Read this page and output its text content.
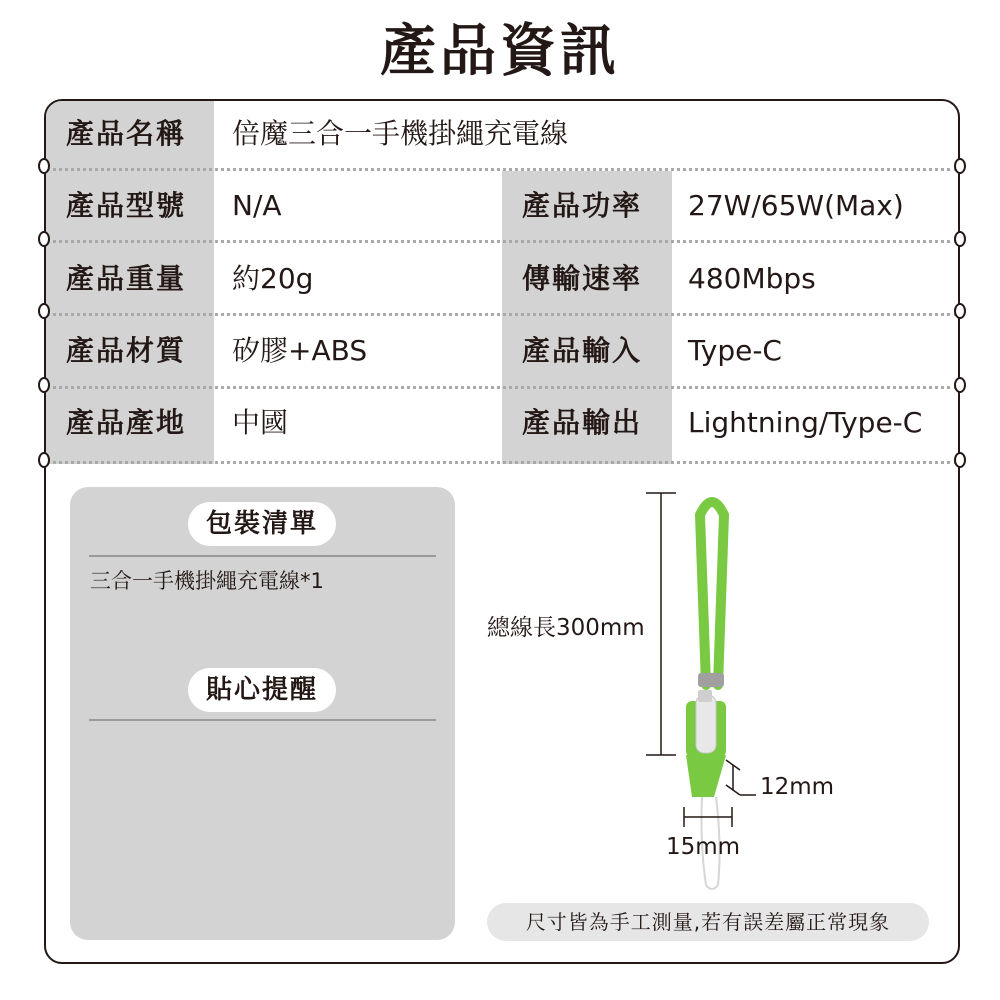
產品資訊
產品名稱 倍魔三合一手機掛繩充電線
產品型號 N/A	產品功率 27W/65W(Max)
產品重量 約20g	傳輸速率 480Mbps
產品材質 矽膠+ABS	產品輸入 Type-C
產品產地 中國	產品輸出 Lightning/Type-C
包裝清單
三合一手機掛繩充電線*1
貼心提醒
總線長300mm
12mm
15mm
尺寸皆為手工測量,若有誤差屬正常現象
